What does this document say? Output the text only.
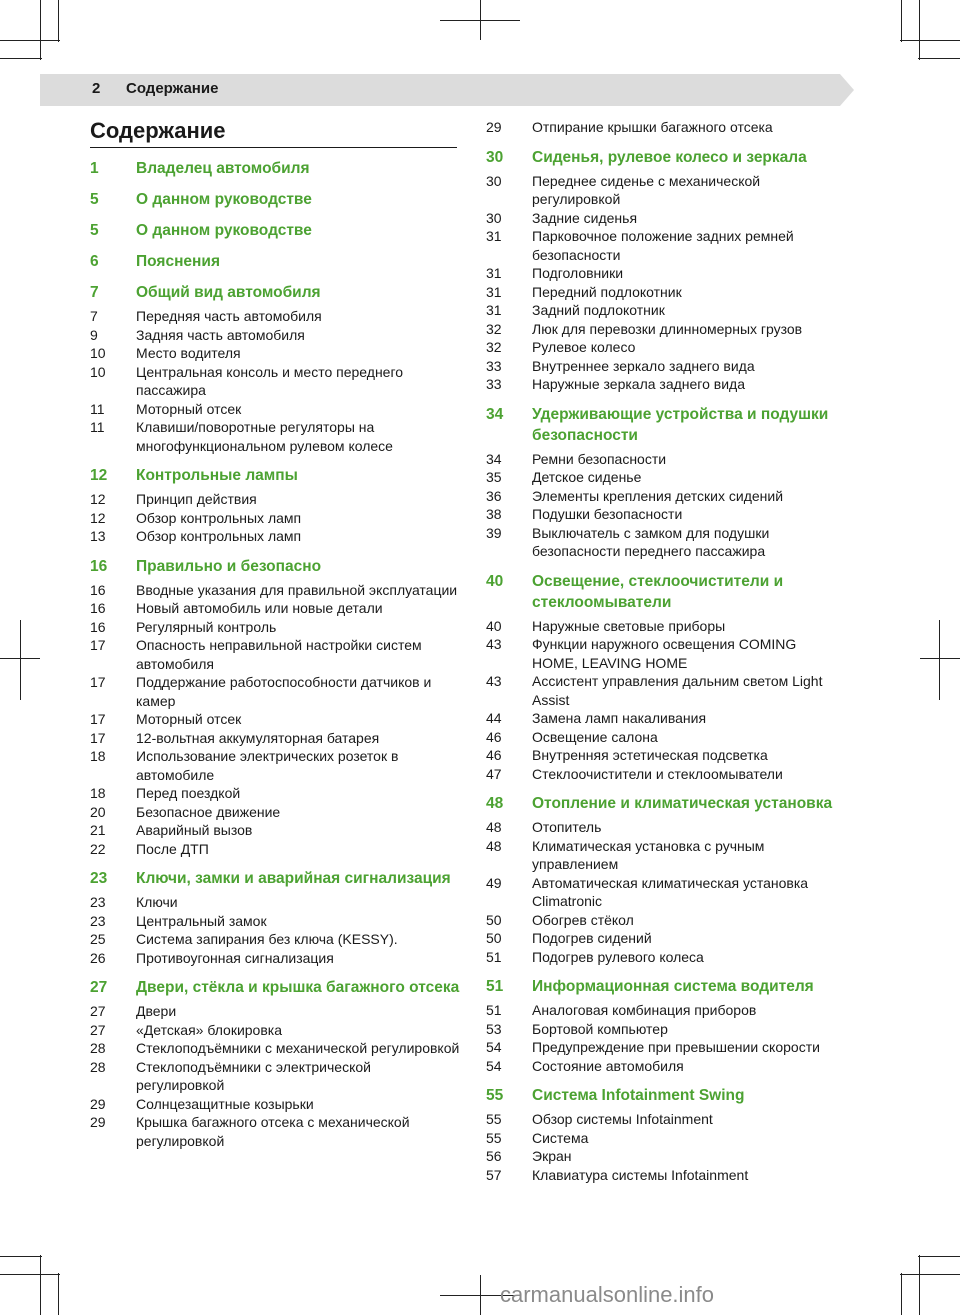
2 Содержание
Содержание
1	Владелец автомобиля
5	О данном руководстве
5	О данном руководстве
6	Пояснения
7	Общий вид автомобиля
7	Передняя часть автомобиля
9	Задняя часть автомобиля
10	Место водителя
10	Центральная консоль и место переднего пассажира
11	Моторный отсек
11	Клавиши/поворотные регуляторы на многофункциональном рулевом колесе
12	Контрольные лампы
12	Принцип действия
12	Обзор контрольных ламп
13	Обзор контрольных ламп
16	Правильно и безопасно
16	Вводные указания для правильной эксплуатации
16	Новый автомобиль или новые детали
16	Регулярный контроль
17	Опасность неправильной настройки систем автомобиля
17	Поддержание работоспособности датчиков и камер
17	Моторный отсек
17	12-вольтная аккумуляторная батарея
18	Использование электрических розеток в автомобиле
18	Перед поездкой
20	Безопасное движение
21	Аварийный вызов
22	После ДТП
23	Ключи, замки и аварийная сигнализация
23	Ключи
23	Центральный замок
25	Система запирания без ключа (KESSY).
26	Противоугонная сигнализация
27	Двери, стёкла и крышка багажного отсека
27	Двери
27	«Детская» блокировка
28	Стеклоподъёмники с механической регулировкой
28	Стеклоподъёмники с электрической регулировкой
29	Солнцезащитные козырьки
29	Крышка багажного отсека с механической регулировкой
29	Отпирание крышки багажного отсека
30	Сиденья, рулевое колесо и зеркала
30	Переднее сиденье с механической регулировкой
30	Задние сиденья
31	Парковочное положение задних ремней безопасности
31	Подголовники
31	Передний подлокотник
31	Задний подлокотник
32	Люк для перевозки длинномерных грузов
32	Рулевое колесо
33	Внутреннее зеркало заднего вида
33	Наружные зеркала заднего вида
34	Удерживающие устройства и подушки безопасности
34	Ремни безопасности
35	Детское сиденье
36	Элементы крепления детских сидений
38	Подушки безопасности
39	Выключатель с замком для подушки безопасности переднего пассажира
40	Освещение, стеклоочистители и стеклоомыватели
40	Наружные световые приборы
43	Функции наружного освещения COMING HOME, LEAVING HOME
43	Ассистент управления дальним светом Light Assist
44	Замена ламп накаливания
46	Освещение салона
46	Внутренняя эстетическая подсветка
47	Стеклоочистители и стеклоомыватели
48	Отопление и климатическая установка
48	Отопитель
48	Климатическая установка с ручным управлением
49	Автоматическая климатическая установка Climatronic
50	Обогрев стёкол
50	Подогрев сидений
51	Подогрев рулевого колеса
51	Информационная система водителя
51	Аналоговая комбинация приборов
53	Бортовой компьютер
54	Предупреждение при превышении скорости
54	Состояние автомобиля
55	Система Infotainment Swing
55	Обзор системы Infotainment
55	Система
56	Экран
57	Клавиатура системы Infotainment
carmanualsonline.info
